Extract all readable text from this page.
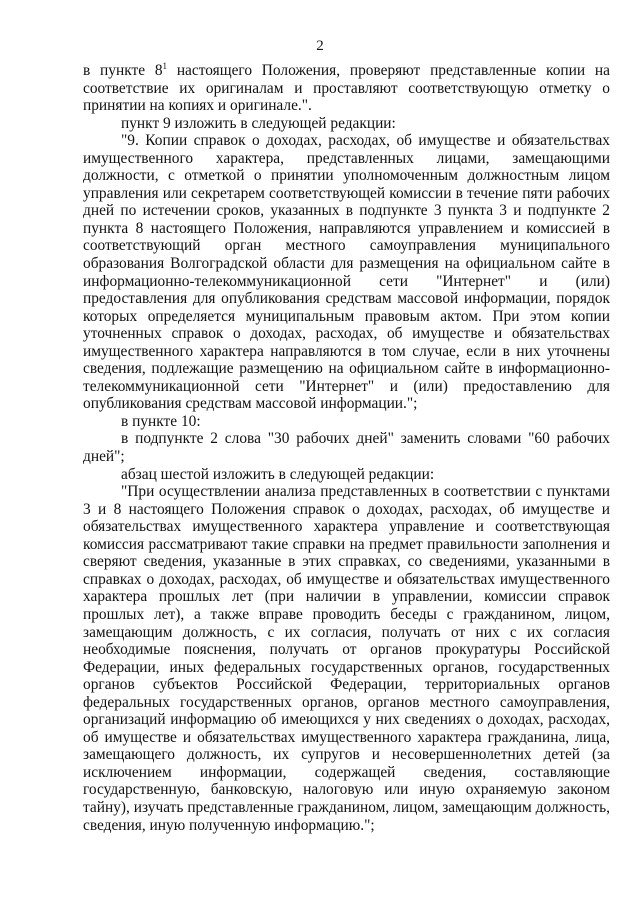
2

в пункте $8^1$ настоящего Положения, проверяют представленные копии на соответствие их оригиналам и проставляют соответствующую отметку о принятии на копиях и оригинале.".

пункт 9 изложить в следующей редакции:

"9. Копии справок о доходах, расходах, об имуществе и обязательствах имущественного характера, представленных лицами, замещающими должности, с отметкой о принятии уполномоченным должностным лицом управления или секретарем соответствующей комиссии в течение пяти рабочих дней по истечении сроков, указанных в подпункте 3 пункта 3 и подпункте 2 пункта 8 настоящего Положения, направляются управлением и комиссией в соответствующий орган местного самоуправления муниципального образования Волгоградской области для размещения на официальном сайте в информационно-телекоммуникационной сети "Интернет" и (или) предоставления для опубликования средствам массовой информации, порядок которых определяется муниципальным правовым актом. При этом копии уточненных справок о доходах, расходах, об имуществе и обязательствах имущественного характера направляются в том случае, если в них уточнены сведения, подлежащие размещению на официальном сайте в информационно-телекоммуникационной сети "Интернет" и (или) предоставлению для опубликования средствам массовой информации.";

в пункте 10:

в подпункте 2 слова "30 рабочих дней" заменить словами "60 рабочих дней";

абзац шестой изложить в следующей редакции:

"При осуществлении анализа представленных в соответствии с пунктами 3 и 8 настоящего Положения справок о доходах, расходах, об имуществе и обязательствах имущественного характера управление и соответствующая комиссия рассматривают такие справки на предмет правильности заполнения и сверяют сведения, указанные в этих справках, со сведениями, указанными в справках о доходах, расходах, об имуществе и обязательствах имущественного характера прошлых лет (при наличии в управлении, комиссии справок прошлых лет), а также вправе проводить беседы с гражданином, лицом, замещающим должность, с их согласия, получать от них с их согласия необходимые пояснения, получать от органов прокуратуры Российской Федерации, иных федеральных государственных органов, государственных органов субъектов Российской Федерации, территориальных органов федеральных государственных органов, органов местного самоуправления, организаций информацию об имеющихся у них сведениях о доходах, расходах, об имуществе и обязательствах имущественного характера гражданина, лица, замещающего должность, их супругов и несовершеннолетних детей (за исключением информации, содержащей сведения, составляющие государственную, банковскую, налоговую или иную охраняемую законом тайну), изучать представленные гражданином, лицом, замещающим должность, сведения, иную полученную информацию.";
